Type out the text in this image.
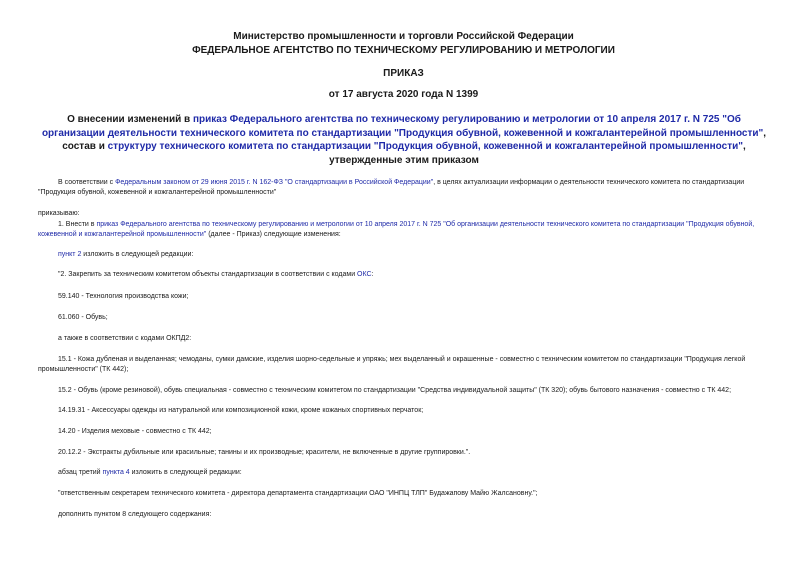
Министерство промышленности и торговли Российской Федерации
ФЕДЕРАЛЬНОЕ АГЕНТСТВО ПО ТЕХНИЧЕСКОМУ РЕГУЛИРОВАНИЮ И МЕТРОЛОГИИ
ПРИКАЗ
от 17 августа 2020 года N 1399
О внесении изменений в приказ Федерального агентства по техническому регулированию и метрологии от 10 апреля 2017 г. N 725 "Об организации деятельности технического комитета по стандартизации "Продукция обувной, кожевенной и кожгалантерейной промышленности", состав и структуру технического комитета по стандартизации "Продукция обувной, кожевенной и кожгалантерейной промышленности", утвержденные этим приказом
В соответствии с Федеральным законом от 29 июня 2015 г. N 162-ФЗ "О стандартизации в Российской Федерации", в целях актуализации информации о деятельности технического комитета по стандартизации "Продукция обувной, кожевенной и кожгалантерейной промышленности"
приказываю:
1. Внести в приказ Федерального агентства по техническому регулированию и метрологии от 10 апреля 2017 г. N 725 "Об организации деятельности технического комитета по стандартизации "Продукция обувной, кожевенной и кожгалантерейной промышленности" (далее - Приказ) следующие изменения:
пункт 2 изложить в следующей редакции:
"2. Закрепить за техническим комитетом объекты стандартизации в соответствии с кодами ОКС:
59.140 - Технология производства кожи;
61.060 - Обувь;
а также в соответствии с кодами ОКПД2:
15.1 - Кожа дубленая и выделанная; чемоданы, сумки дамские, изделия шорно-седельные и упряжь; мех выделанный и окрашенные - совместно с техническим комитетом по стандартизации "Продукция легкой промышленности" (ТК 442);
15.2 - Обувь (кроме резиновой), обувь специальная - совместно с техническим комитетом по стандартизации "Средства индивидуальной защиты" (ТК 320); обувь бытового назначения - совместно с ТК 442;
14.19.31 - Аксессуары одежды из натуральной или композиционной кожи, кроме кожаных спортивных перчаток;
14.20 - Изделия меховые - совместно с ТК 442;
20.12.2 - Экстракты дубильные или красильные; танины и их производные; красители, не включенные в другие группировки.".
абзац третий пункта 4 изложить в следующей редакции:
"ответственным секретарем технического комитета - директора департамента стандартизации ОАО "ИНПЦ ТЛП" Будажапову Майю Жалсановну.";
дополнить пунктом 8 следующего содержания:
